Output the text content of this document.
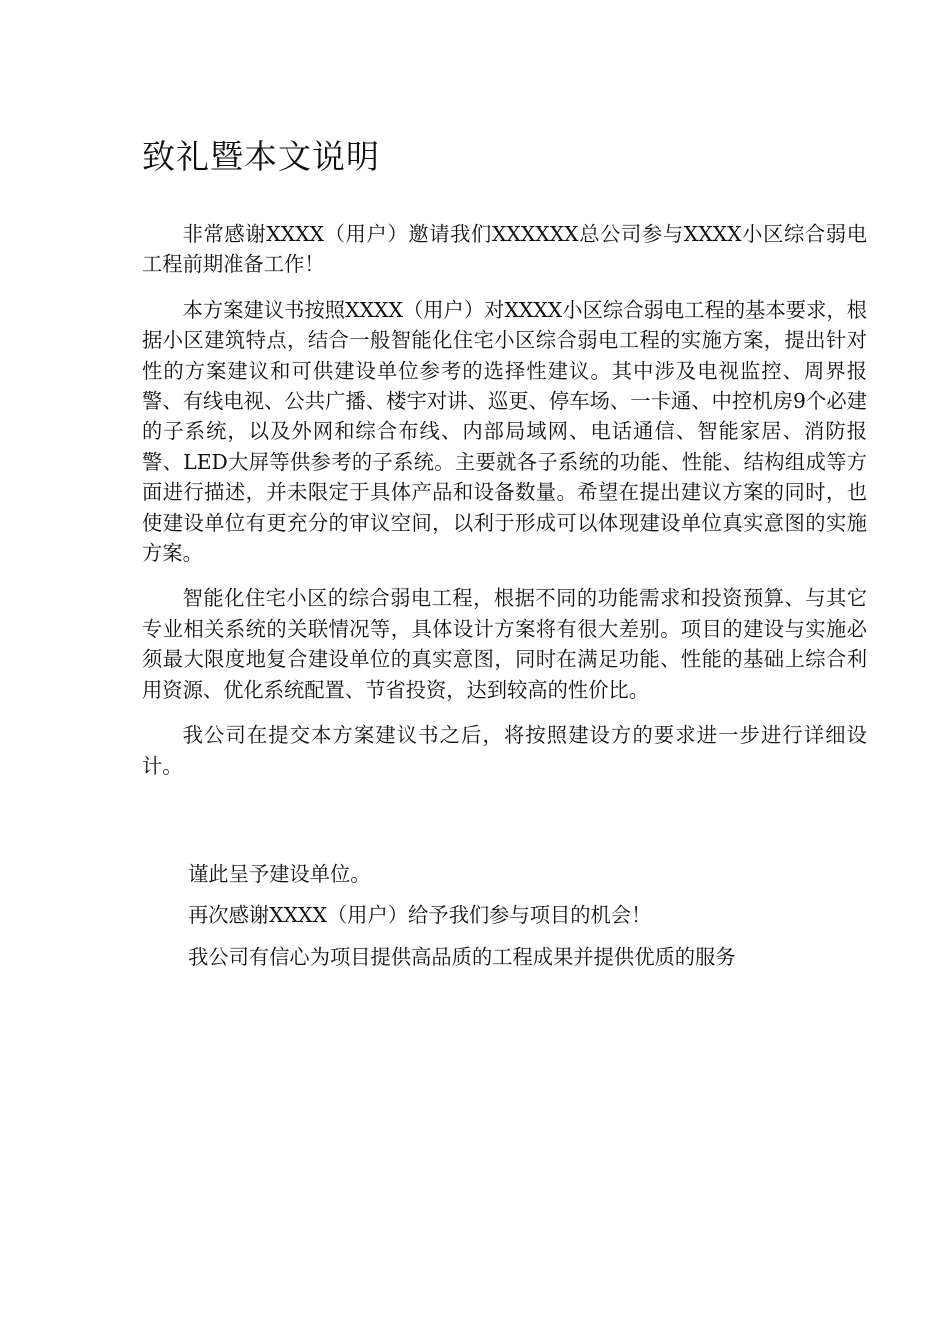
致礼暨本文说明

非常感谢XXXX（用户）邀请我们XXXXXX总公司参与XXXX小区综合弱电工程前期准备工作！

本方案建议书按照XXXX（用户）对XXXX小区综合弱电工程的基本要求，根据小区建筑特点，结合一般智能化住宅小区综合弱电工程的实施方案，提出针对性的方案建议和可供建设单位参考的选择性建议。其中涉及电视监控、周界报警、有线电视、公共广播、楼宇对讲、巡更、停车场、一卡通、中控机房9个必建的子系统，以及外网和综合布线、内部局域网、电话通信、智能家居、消防报警、LED大屏等供参考的子系统。主要就各子系统的功能、性能、结构组成等方面进行描述，并未限定于具体产品和设备数量。希望在提出建议方案的同时，也使建设单位有更充分的审议空间，以利于形成可以体现建设单位真实意图的实施方案。

智能化住宅小区的综合弱电工程，根据不同的功能需求和投资预算、与其它专业相关系统的关联情况等，具体设计方案将有很大差别。项目的建设与实施必须最大限度地复合建设单位的真实意图，同时在满足功能、性能的基础上综合利用资源、优化系统配置、节省投资，达到较高的性价比。

我公司在提交本方案建议书之后，将按照建设方的要求进一步进行详细设计。

谨此呈予建设单位。

再次感谢XXXX（用户）给予我们参与项目的机会！

我公司有信心为项目提供高品质的工程成果并提供优质的服务
